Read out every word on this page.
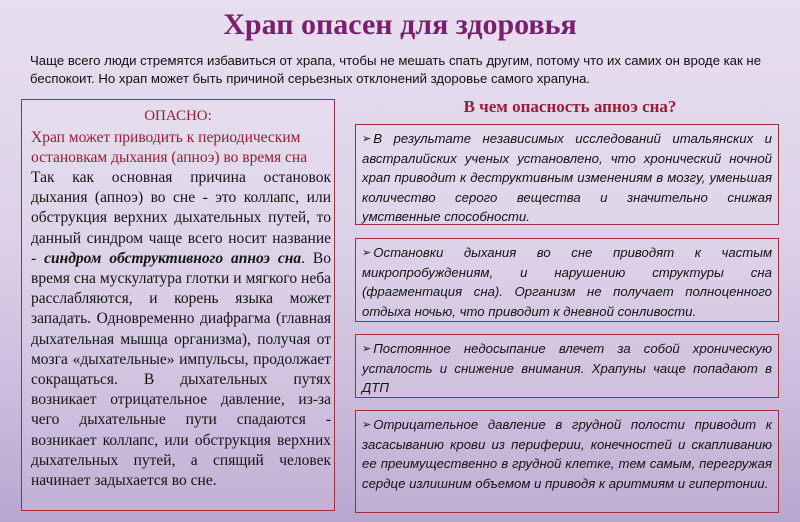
Храп опасен для здоровья
Чаще всего люди стремятся избавиться от храпа, чтобы не мешать спать другим, потому что их самих он вроде как не беспокоит. Но храп может быть причиной серьезных отклонений здоровье самого храпуна.
ОПАСНО:
Храп может приводить к периодическим остановкам дыхания (апноэ) во время сна
Так как основная причина остановок дыхания (апноэ) во сне - это коллапс, или обструкция верхних дыхательных путей, то данный синдром чаще всего носит название - синдром обструктивного апноэ сна. Во время сна мускулатура глотки и мягкого неба расслабляются, и корень языка может западать. Одновременно диафрагма (главная дыхательная мышца организма), получая от мозга «дыхательные» импульсы, продолжает сокращаться. В дыхательных путях возникает отрицательное давление, из-за чего дыхательные пути спадаются - возникает коллапс, или обструкция верхних дыхательных путей, а спящий человек начинает задыхается во сне.
В чем опасность апноэ сна?
➢ В результате независимых исследований итальянских и австралийских ученых установлено, что хронический ночной храп приводит к деструктивным изменениям в мозгу, уменьшая количество серого вещества и значительно снижая умственные способности.
➢ Остановки дыхания во сне приводят к частым микропробуждениям, и нарушению структуры сна (фрагментация сна). Организм не получает полноценного отдыха ночью, что приводит к дневной сонливости.
➢ Постоянное недосыпание влечет за собой хроническую усталость и снижение внимания. Храпуны чаще попадают в ДТП
➢ Отрицательное давление в грудной полости приводит к засасыванию крови из периферии, конечностей и скапливанию ее преимущественно в грудной клетке, тем самым, перегружая сердце излишним объемом и приводя к аритмиям и гипертонии.
